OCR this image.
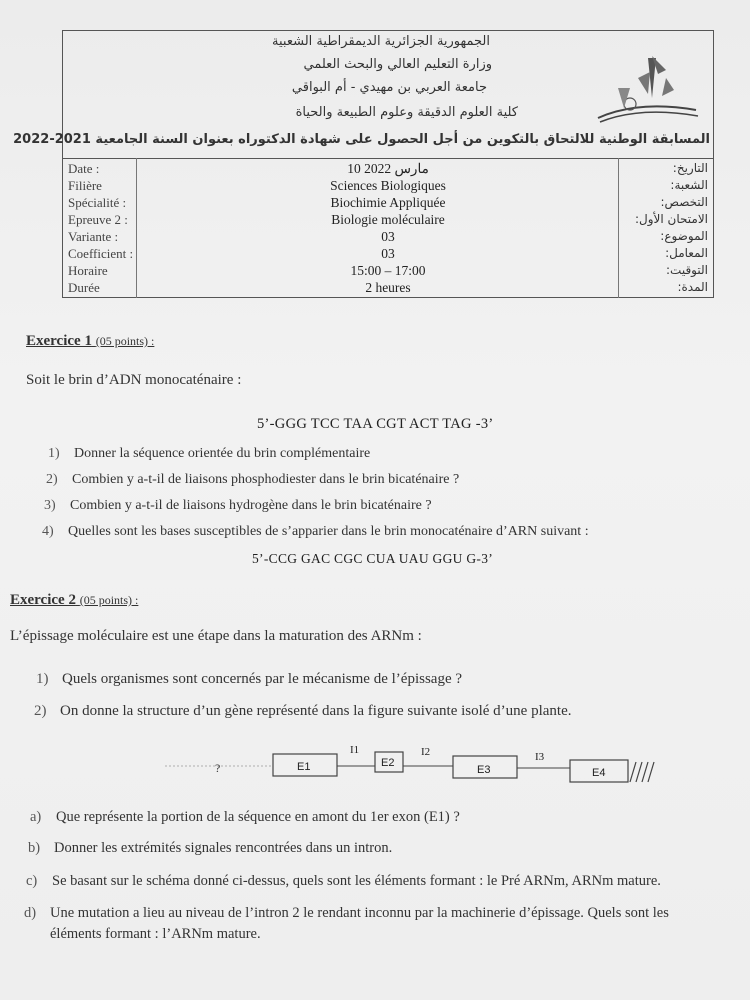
الجمهورية الجزائرية الديمقراطية الشعبية
وزارة التعليم العالي والبحث العلمي
جامعة العربي بن مهيدي - أم البواقي
كلية العلوم الدقيقة وعلوم الطبيعة والحياة
المسابقة الوطنية للالتحاق بالتكوين من أجل الحصول على شهادة الدكتوراه بعنوان السنة الجامعية 2021-2022
Date :	10 مارس 2022	التاريخ:
Filière	Sciences Biologiques	الشعبة:
Spécialité :	Biochimie Appliquée	التخصص:
Epreuve 2 :	Biologie moléculaire	الامتحان الأول:
Variante :	03	الموضوع:
Coefficient :	03	المعامل:
Horaire	15:00 – 17:00	التوقيت:
Durée	2 heures	المدة:
Exercice 1 (05 points) :
Soit le brin d’ADN monocaténaire :
5’-GGG TCC TAA CGT ACT TAG -3’
1) Donner la séquence orientée du brin complémentaire
2) Combien y a-t-il de liaisons phosphodiester dans le brin bicaténaire ?
3) Combien y a-t-il de liaisons hydrogène dans le brin bicaténaire ?
4) Quelles sont les bases susceptibles de s’apparier dans le brin monocaténaire d’ARN suivant :
5’-CCG GAC CGC CUA UAU GGU G-3’
Exercice 2 (05 points) :
L’épissage moléculaire est une étape dans la maturation des ARNm :
1) Quels organismes sont concernés par le mécanisme de l’épissage ?
2) On donne la structure d’un gène représenté dans la figure suivante isolé d’une plante.
?	E1	E2
E3	E4
I1	I2	I3
a) Que représente la portion de la séquence en amont du 1er exon (E1) ?
b) Donner les extrémités signales rencontrées dans un intron.
c) Se basant sur le schéma donné ci-dessus, quels sont les éléments formant : le Pré ARNm, ARNm mature.
d) Une mutation a lieu au niveau de l’intron 2 le rendant inconnu par la machinerie d’épissage. Quels sont les
éléments formant : l’ARNm mature.
